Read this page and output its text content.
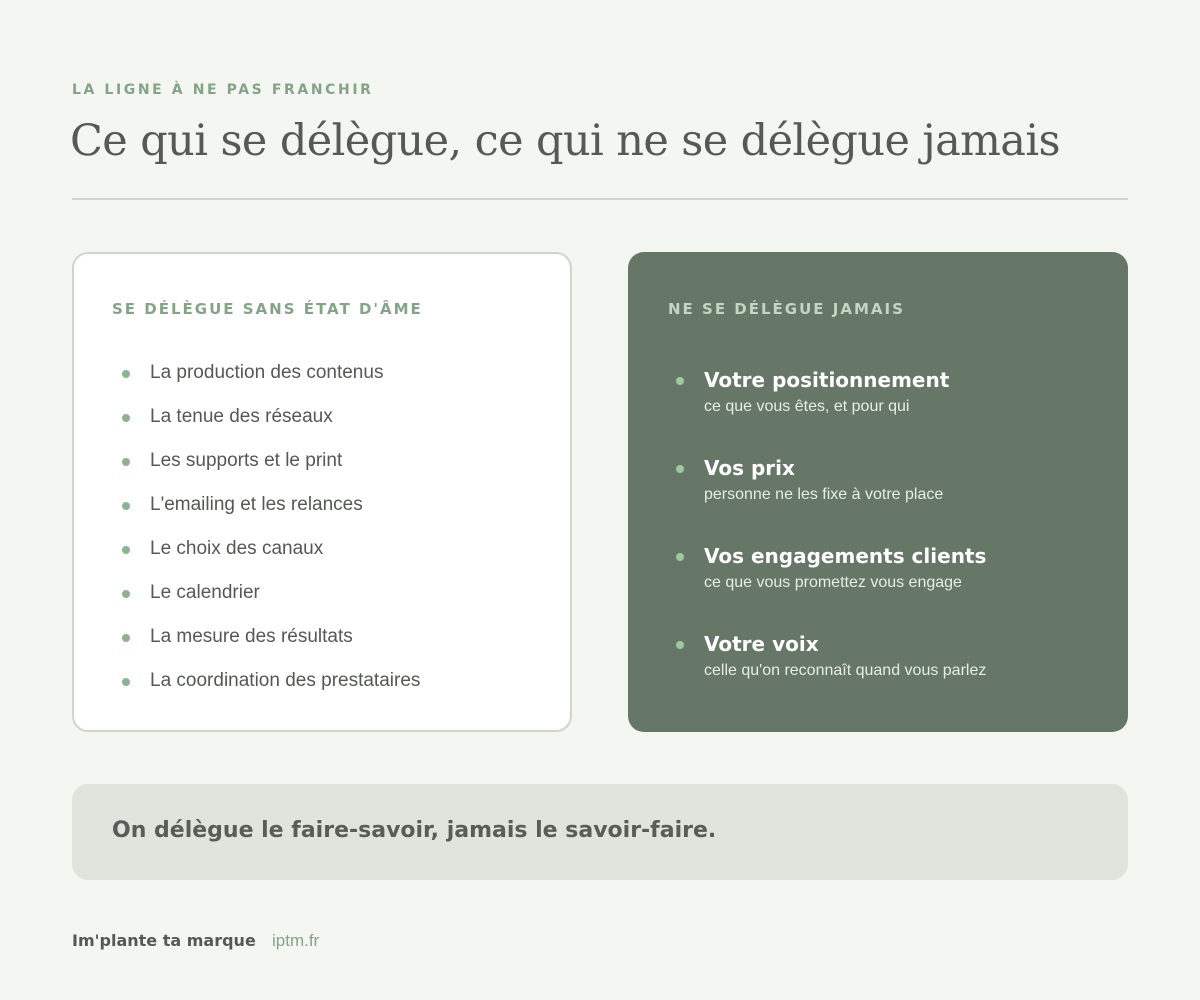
LA LIGNE À NE PAS FRANCHIR
Ce qui se délègue, ce qui ne se délègue jamais
SE DÉLÈGUE SANS ÉTAT D'ÂME
La production des contenus
La tenue des réseaux
Les supports et le print
L'emailing et les relances
Le choix des canaux
Le calendrier
La mesure des résultats
La coordination des prestataires
NE SE DÉLÈGUE JAMAIS
Votre positionnement
ce que vous êtes, et pour qui
Vos prix
personne ne les fixe à votre place
Vos engagements clients
ce que vous promettez vous engage
Votre voix
celle qu'on reconnaît quand vous parlez

On délègue le faire-savoir, jamais le savoir-faire.

Im'plante ta marque iptm.fr
